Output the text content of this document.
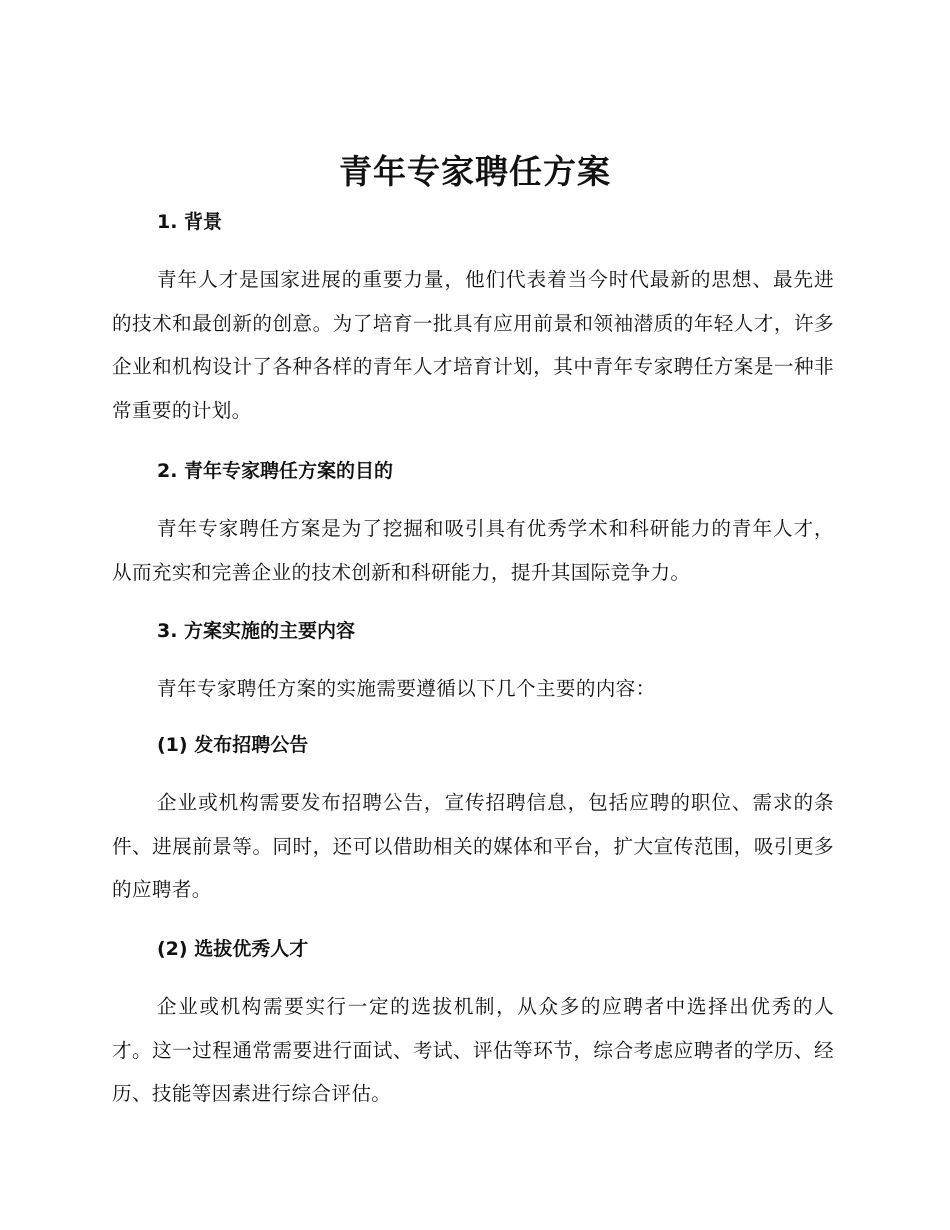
青年专家聘任方案
1. 背景

青年人才是国家进展的重要力量，他们代表着当今时代最新的思想、最先进的技术和最创新的创意。为了培育一批具有应用前景和领袖潜质的年轻人才，许多企业和机构设计了各种各样的青年人才培育计划，其中青年专家聘任方案是一种非常重要的计划。

2. 青年专家聘任方案的目的

青年专家聘任方案是为了挖掘和吸引具有优秀学术和科研能力的青年人才，从而充实和完善企业的技术创新和科研能力，提升其国际竞争力。

3. 方案实施的主要内容

青年专家聘任方案的实施需要遵循以下几个主要的内容：

(1) 发布招聘公告

企业或机构需要发布招聘公告，宣传招聘信息，包括应聘的职位、需求的条件、进展前景等。同时，还可以借助相关的媒体和平台，扩大宣传范围，吸引更多的应聘者。

(2) 选拔优秀人才

企业或机构需要实行一定的选拔机制，从众多的应聘者中选择出优秀的人才。这一过程通常需要进行面试、考试、评估等环节，综合考虑应聘者的学历、经历、技能等因素进行综合评估。
